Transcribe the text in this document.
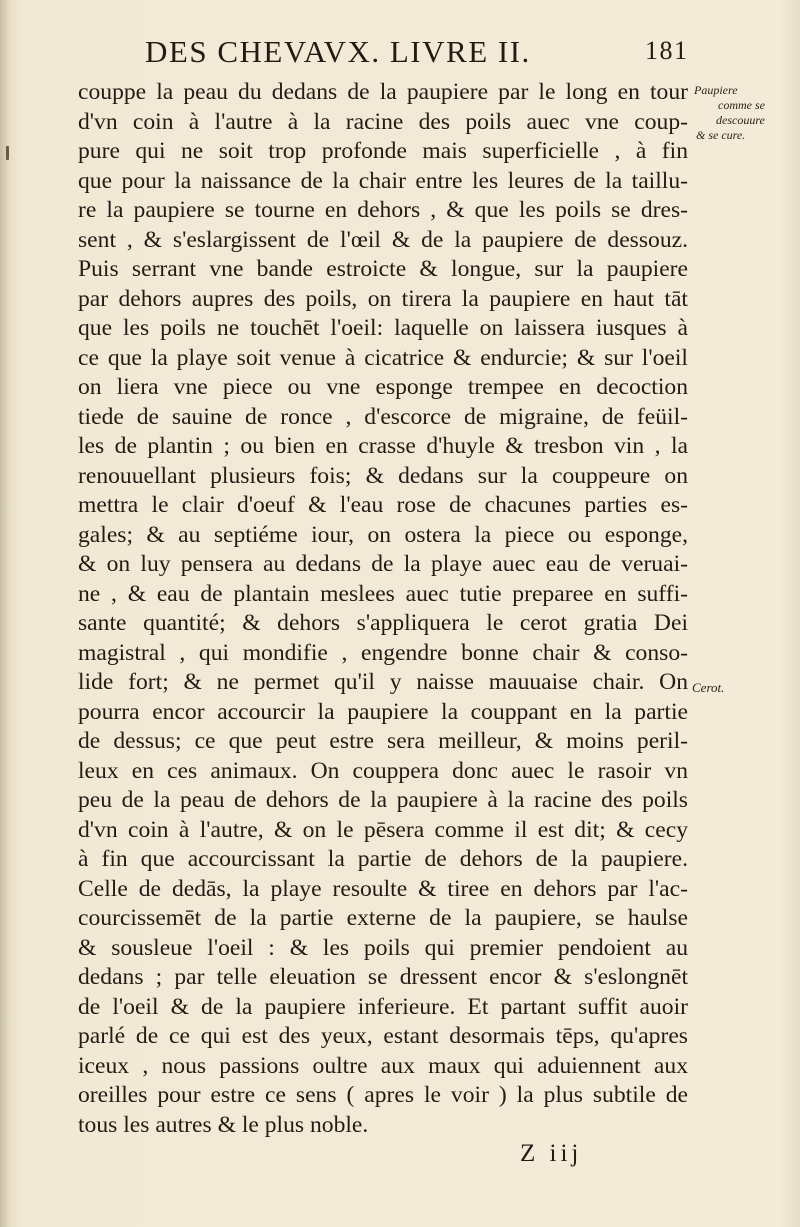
DES CHEVAVX. LIVRE II.	181
Paupiere
comme se
descouure
& se cure.
Cerot.
couppe la peau du dedans de la paupiere par le long en tour
d'vn coin à l'autre à la racine des poils auec vne coup-
pure qui ne soit trop profonde mais superficielle , à fin
que pour la naissance de la chair entre les leures de la taillu-
re la paupiere se tourne en dehors , & que les poils se dres-
sent , & s'eslargissent de l'œil & de la paupiere de dessouz.
Puis serrant vne bande estroicte & longue, sur la paupiere
par dehors aupres des poils, on tirera la paupiere en haut tāt
que les poils ne touchēt l'oeil: laquelle on laissera iusques à
ce que la playe soit venue à cicatrice & endurcie; & sur l'oeil
on liera vne piece ou vne esponge trempee en decoction
tiede de sauine de ronce , d'escorce de migraine, de feüil-
les de plantin ; ou bien en crasse d'huyle & tresbon vin , la
renouuellant plusieurs fois; & dedans sur la couppeure on
mettra le clair d'oeuf & l'eau rose de chacunes parties es-
gales; & au septiéme iour, on ostera la piece ou esponge,
& on luy pensera au dedans de la playe auec eau de veruai-
ne , & eau de plantain meslees auec tutie preparee en suffi-
sante quantité; & dehors s'appliquera le cerot gratia Dei
magistral , qui mondifie , engendre bonne chair & conso-
lide fort; & ne permet qu'il y naisse mauuaise chair. On
pourra encor accourcir la paupiere la couppant en la partie
de dessus; ce que peut estre sera meilleur, & moins peril-
leux en ces animaux. On couppera donc auec le rasoir vn
peu de la peau de dehors de la paupiere à la racine des poils
d'vn coin à l'autre, & on le pēsera comme il est dit; & cecy
à fin que accourcissant la partie de dehors de la paupiere.
Celle de dedās, la playe resoulte & tiree en dehors par l'ac-
courcissemēt de la partie externe de la paupiere, se haulse
& sousleue l'oeil : & les poils qui premier pendoient au
dedans ; par telle eleuation se dressent encor & s'eslongnēt
de l'oeil & de la paupiere inferieure. Et partant suffit auoir
parlé de ce qui est des yeux, estant desormais tēps, qu'apres
iceux , nous passions oultre aux maux qui aduiennent aux
oreilles pour estre ce sens ( apres le voir ) la plus subtile de
tous les autres & le plus noble.
Z iij
